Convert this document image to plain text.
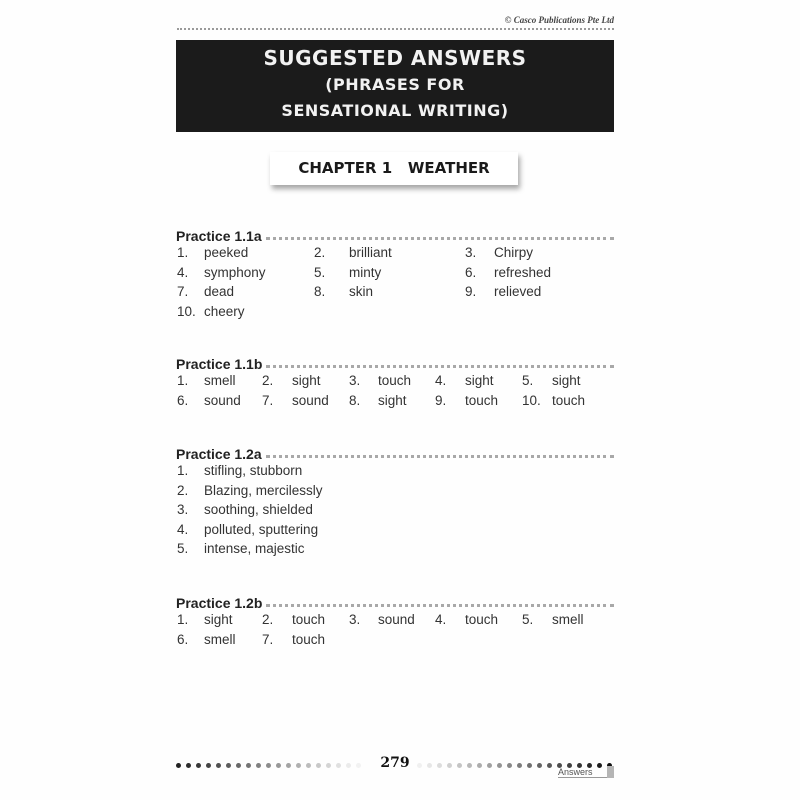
© Casco Publications Pte Ltd
SUGGESTED ANSWERS
(PHRASES FOR
SENSATIONAL WRITING)
CHAPTER 1   WEATHER
Practice 1.1a
1. peeked	2. brilliant	3. Chirpy
4. symphony	5. minty	6. refreshed
7. dead	8. skin	9. relieved
10. cheery
Practice 1.1b
1. smell 2. sight 3. touch 4. sight 5. sight
6. sound 7. sound 8. sight 9. touch 10. touch
Practice 1.2a
1. stifling, stubborn
2. Blazing, mercilessly
3. soothing, shielded
4. polluted, sputtering
5. intense, majestic
Practice 1.2b
1. sight 2. touch 3. sound 4. touch 5. smell
6. smell 7. touch
279
Answers
